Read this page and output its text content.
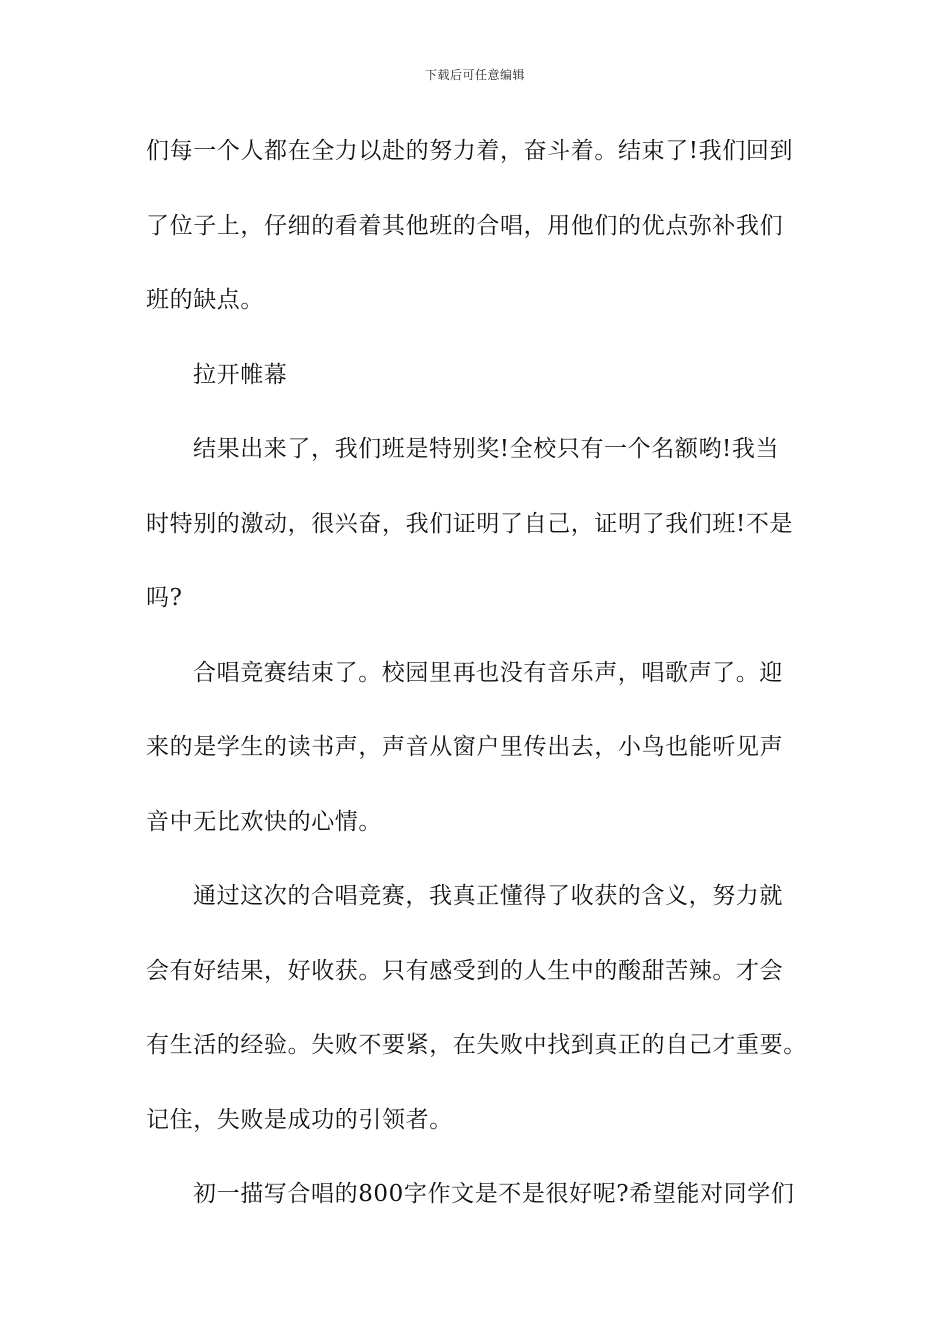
下载后可任意编辑
们每一个人都在全力以赴的努力着，奋斗着。结束了!我们回到
了位子上，仔细的看着其他班的合唱，用他们的优点弥补我们
班的缺点。
拉开帷幕
结果出来了，我们班是特别奖!全校只有一个名额哟!我当
时特别的激动，很兴奋，我们证明了自己，证明了我们班!不是
吗?
合唱竞赛结束了。校园里再也没有音乐声，唱歌声了。迎
来的是学生的读书声，声音从窗户里传出去，小鸟也能听见声
音中无比欢快的心情。
通过这次的合唱竞赛，我真正懂得了收获的含义，努力就
会有好结果，好收获。只有感受到的人生中的酸甜苦辣。才会
有生活的经验。失败不要紧，在失败中找到真正的自己才重要。
记住，失败是成功的引领者。
初一描写合唱的800字作文是不是很好呢?希望能对同学们
